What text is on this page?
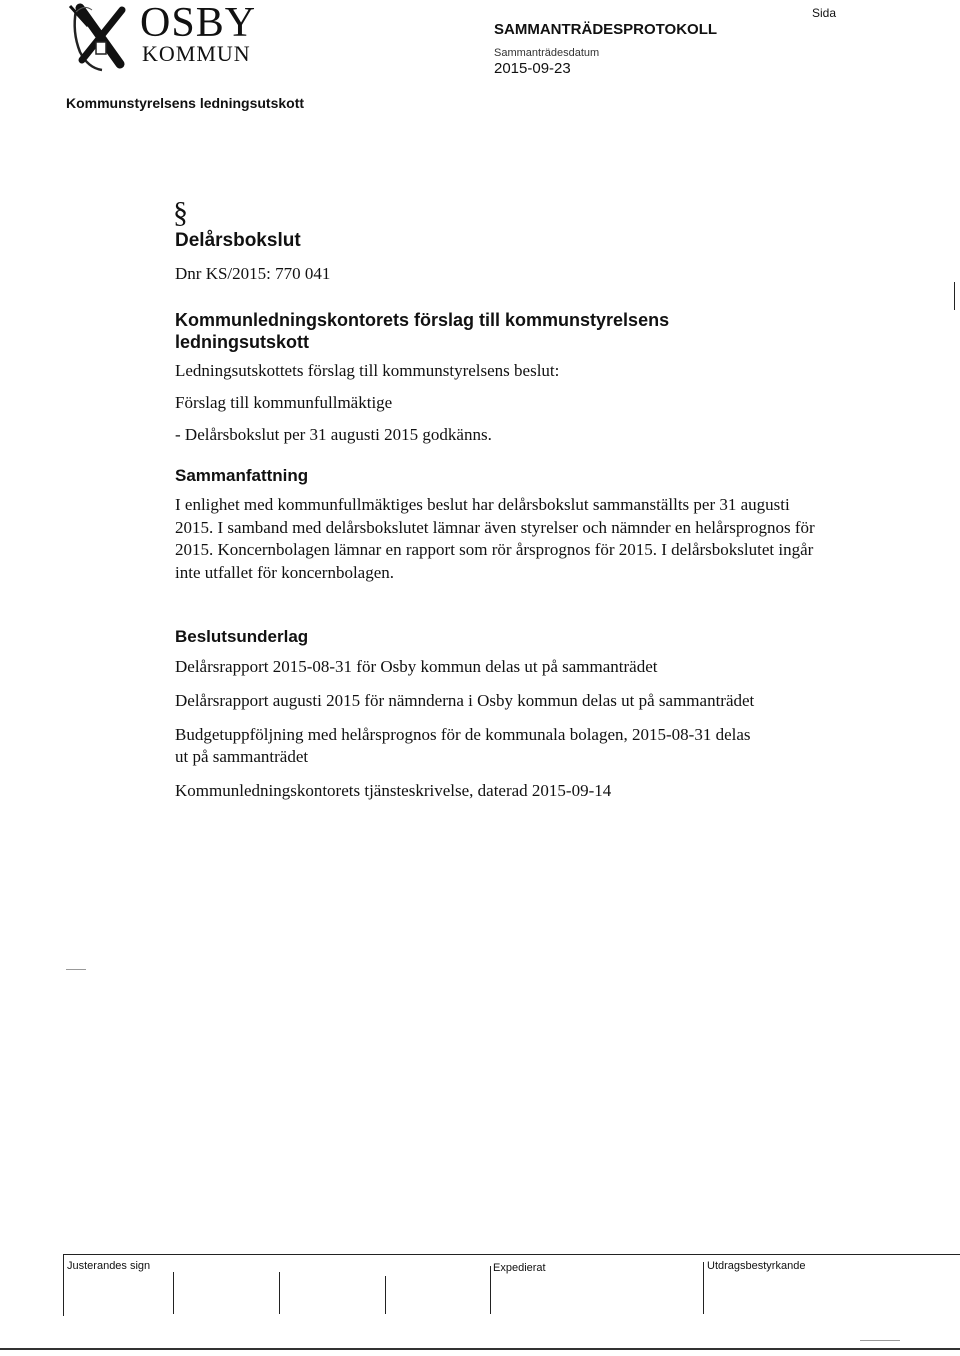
OSBY
KOMMUN
SAMMANTRÄDESPROTOKOLL
Sammanträdesdatum
2015-09-23
Sida
Kommunstyrelsens ledningsutskott
§
Delårsbokslut
Dnr KS/2015: 770 041
Kommunledningskontorets förslag till kommunstyrelsens ledningsutskott
Ledningsutskottets förslag till kommunstyrelsens beslut:
Förslag till kommunfullmäktige
- Delårsbokslut per 31 augusti 2015 godkänns.
Sammanfattning
I enlighet med kommunfullmäktiges beslut har delårsbokslut sammanställts per 31 augusti 2015. I samband med delårsbokslutet lämnar även styrelser och nämnder en helårsprognos för 2015. Koncernbolagen lämnar en rapport som rör årsprognos för 2015. I delårsbokslutet ingår inte utfallet för koncernbolagen.
Beslutsunderlag
Delårsrapport 2015-08-31 för Osby kommun delas ut på sammanträdet
Delårsrapport augusti 2015 för nämnderna i Osby kommun delas ut på sammanträdet
Budgetuppföljning med helårsprognos för de kommunala bolagen, 2015-08-31 delas ut på sammanträdet
Kommunledningskontorets tjänsteskrivelse, daterad 2015-09-14
Justerandes sign	Expedierat	Utdragsbestyrkande
